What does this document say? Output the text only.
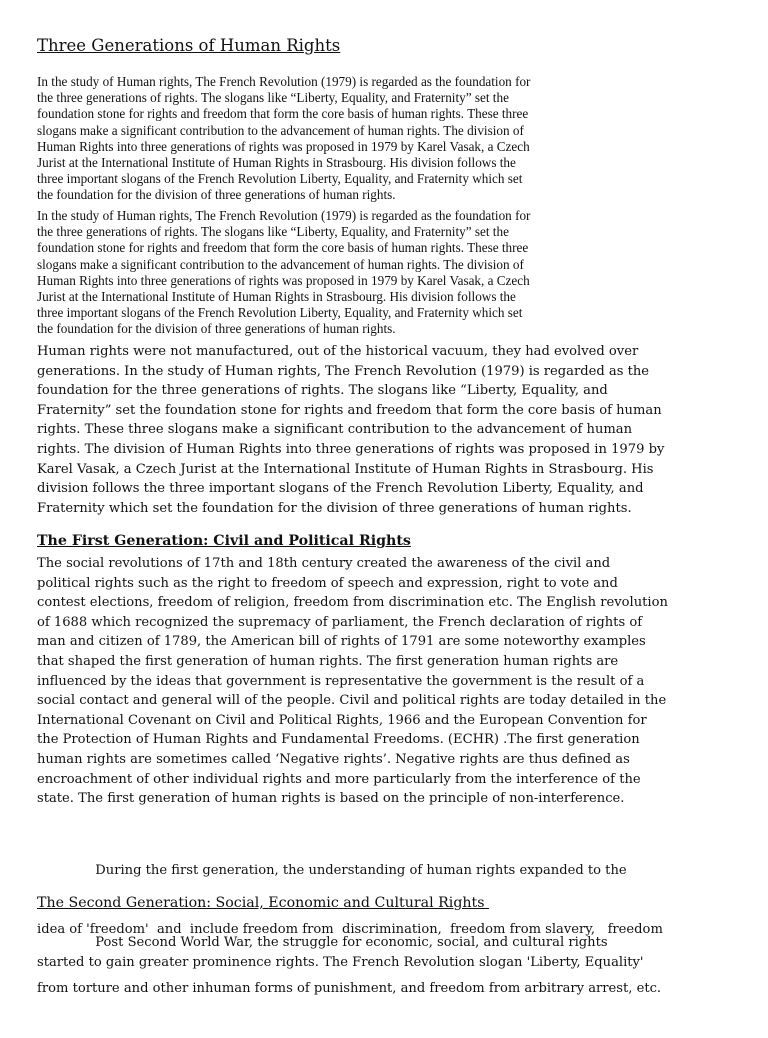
Three Generations of Human Rights
In the study of Human rights, The French Revolution (1979) is regarded as the foundation for
the three generations of rights. The slogans like “Liberty, Equality, and Fraternity” set the
foundation stone for rights and freedom that form the core basis of human rights. These three
slogans make a significant contribution to the advancement of human rights. The division of
Human Rights into three generations of rights was proposed in 1979 by Karel Vasak, a Czech
Jurist at the International Institute of Human Rights in Strasbourg. His division follows the
three important slogans of the French Revolution Liberty, Equality, and Fraternity which set
the foundation for the division of three generations of human rights.
In the study of Human rights, The French Revolution (1979) is regarded as the foundation for
the three generations of rights. The slogans like “Liberty, Equality, and Fraternity” set the
foundation stone for rights and freedom that form the core basis of human rights. These three
slogans make a significant contribution to the advancement of human rights. The division of
Human Rights into three generations of rights was proposed in 1979 by Karel Vasak, a Czech
Jurist at the International Institute of Human Rights in Strasbourg. His division follows the
three important slogans of the French Revolution Liberty, Equality, and Fraternity which set
the foundation for the division of three generations of human rights.
Human rights were not manufactured, out of the historical vacuum, they had evolved over
generations. In the study of Human rights, The French Revolution (1979) is regarded as the
foundation for the three generations of rights. The slogans like “Liberty, Equality, and
Fraternity” set the foundation stone for rights and freedom that form the core basis of human
rights. These three slogans make a significant contribution to the advancement of human
rights. The division of Human Rights into three generations of rights was proposed in 1979 by
Karel Vasak, a Czech Jurist at the International Institute of Human Rights in Strasbourg. His
division follows the three important slogans of the French Revolution Liberty, Equality, and
Fraternity which set the foundation for the division of three generations of human rights.
The First Generation: Civil and Political Rights
The social revolutions of 17th and 18th century created the awareness of the civil and
political rights such as the right to freedom of speech and expression, right to vote and
contest elections, freedom of religion, freedom from discrimination etc. The English revolution
of 1688 which recognized the supremacy of parliament, the French declaration of rights of
man and citizen of 1789, the American bill of rights of 1791 are some noteworthy examples
that shaped the first generation of human rights. The first generation human rights are
influenced by the ideas that government is representative the government is the result of a
social contact and general will of the people. Civil and political rights are today detailed in the
International Covenant on Civil and Political Rights, 1966 and the European Convention for
the Protection of Human Rights and Fundamental Freedoms. (ECHR) .The first generation
human rights are sometimes called ‘Negative rights’. Negative rights are thus defined as
encroachment of other individual rights and more particularly from the interference of the
state. The first generation of human rights is based on the principle of non-interference.

During the first generation, the understanding of human rights expanded to the

idea of 'freedom'  and  include freedom from  discrimination,  freedom from slavery,   freedom

from torture and other inhuman forms of punishment, and freedom from arbitrary arrest, etc.

The Second Generation: Social, Economic and Cultural Rights
Post Second World War, the struggle for economic, social, and cultural rights
started to gain greater prominence rights. The French Revolution slogan 'Liberty, Equality'
